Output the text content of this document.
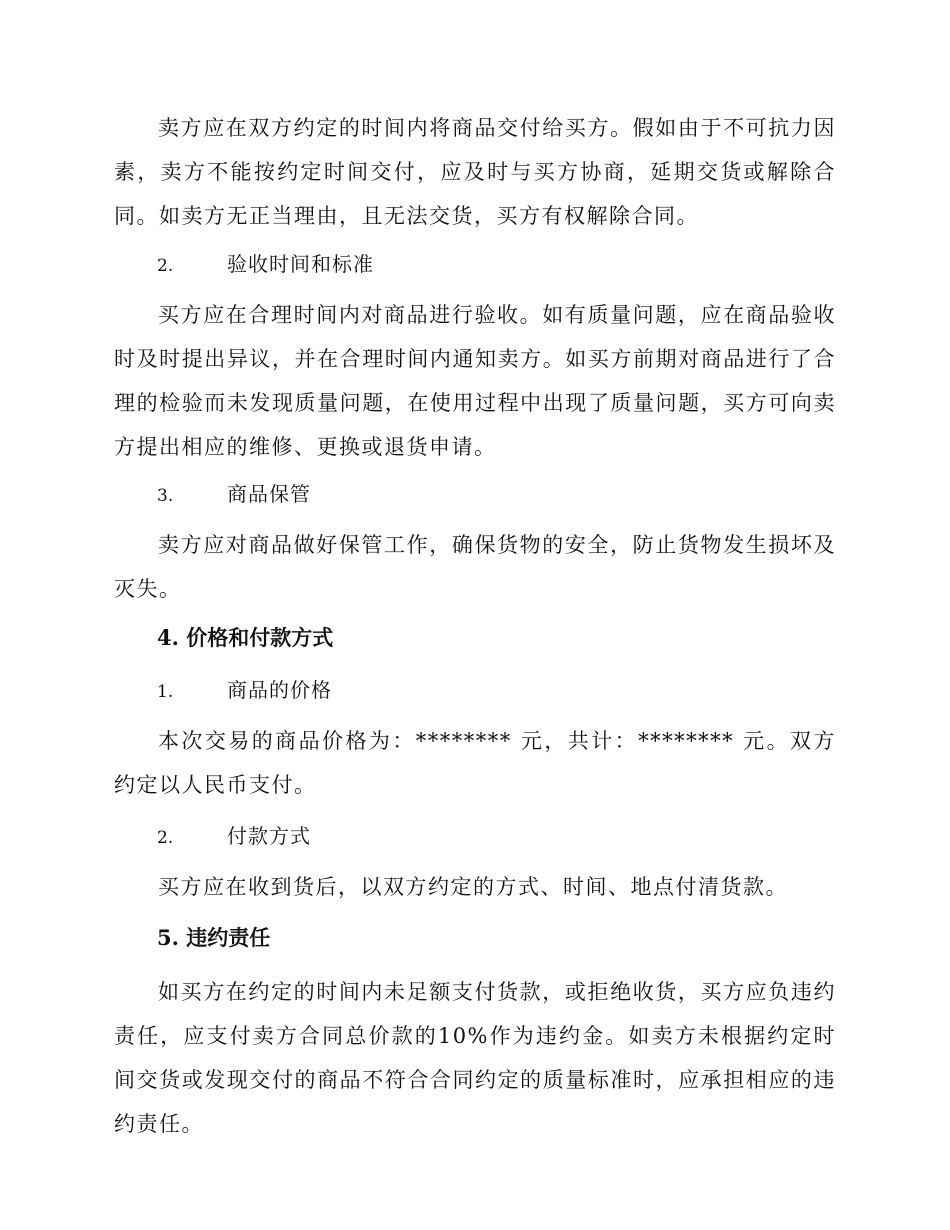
卖方应在双方约定的时间内将商品交付给买方。假如由于不可抗力因素，卖方不能按约定时间交付，应及时与买方协商，延期交货或解除合同。如卖方无正当理由，且无法交货，买方有权解除合同。

2.	验收时间和标准

买方应在合理时间内对商品进行验收。如有质量问题，应在商品验收时及时提出异议，并在合理时间内通知卖方。如买方前期对商品进行了合理的检验而未发现质量问题，在使用过程中出现了质量问题，买方可向卖方提出相应的维修、更换或退货申请。

3.	商品保管

卖方应对商品做好保管工作，确保货物的安全，防止货物发生损坏及灭失。

4. 价格和付款方式
1.	商品的价格

本次交易的商品价格为：******** 元，共计：******** 元。双方约定以人民币支付。

2.	付款方式

买方应在收到货后，以双方约定的方式、时间、地点付清货款。

5. 违约责任

如买方在约定的时间内未足额支付货款，或拒绝收货，买方应负违约责任，应支付卖方合同总价款的10%作为违约金。如卖方未根据约定时间交货或发现交付的商品不符合合同约定的质量标准时，应承担相应的违约责任。
